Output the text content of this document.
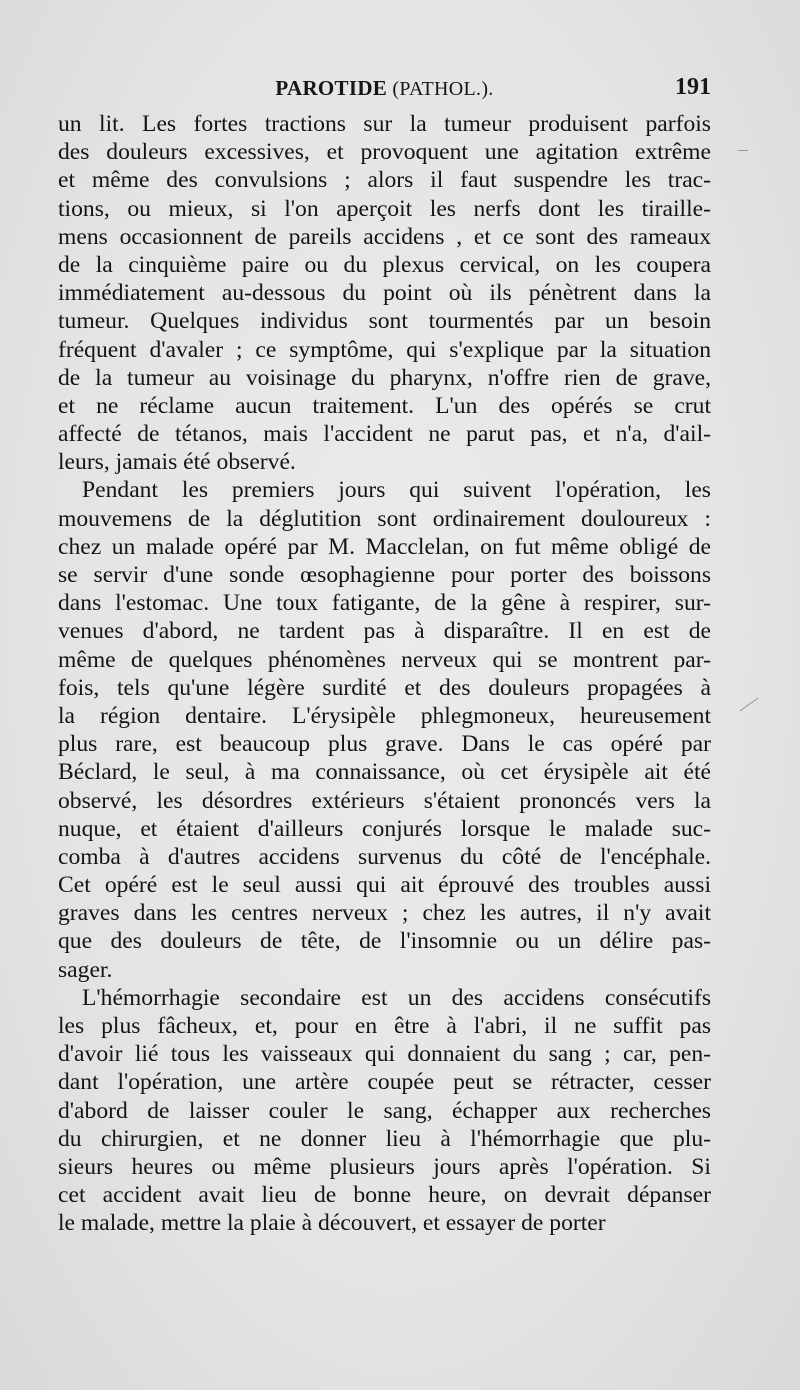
PAROTIDE (PATHOL.).	191
un lit. Les fortes tractions sur la tumeur produisent parfois
des douleurs excessives, et provoquent une agitation extrême
et même des convulsions ; alors il faut suspendre les trac-
tions, ou mieux, si l'on aperçoit les nerfs dont les tiraille-
mens occasionnent de pareils accidens , et ce sont des rameaux
de la cinquième paire ou du plexus cervical, on les coupera
immédiatement au-dessous du point où ils pénètrent dans la
tumeur. Quelques individus sont tourmentés par un besoin
fréquent d'avaler ; ce symptôme, qui s'explique par la situation
de la tumeur au voisinage du pharynx, n'offre rien de grave,
et ne réclame aucun traitement. L'un des opérés se crut
affecté de tétanos, mais l'accident ne parut pas, et n'a, d'ail-
leurs, jamais été observé.
Pendant les premiers jours qui suivent l'opération, les
mouvemens de la déglutition sont ordinairement douloureux :
chez un malade opéré par M. Macclelan, on fut même obligé de
se servir d'une sonde œsophagienne pour porter des boissons
dans l'estomac. Une toux fatigante, de la gêne à respirer, sur-
venues d'abord, ne tardent pas à disparaître. Il en est de
même de quelques phénomènes nerveux qui se montrent par-
fois, tels qu'une légère surdité et des douleurs propagées à
la région dentaire. L'érysipèle phlegmoneux, heureusement
plus rare, est beaucoup plus grave. Dans le cas opéré par
Béclard, le seul, à ma connaissance, où cet érysipèle ait été
observé, les désordres extérieurs s'étaient prononcés vers la
nuque, et étaient d'ailleurs conjurés lorsque le malade suc-
comba à d'autres accidens survenus du côté de l'encéphale.
Cet opéré est le seul aussi qui ait éprouvé des troubles aussi
graves dans les centres nerveux ; chez les autres, il n'y avait
que des douleurs de tête, de l'insomnie ou un délire pas-
sager.
L'hémorrhagie secondaire est un des accidens consécutifs
les plus fâcheux, et, pour en être à l'abri, il ne suffit pas
d'avoir lié tous les vaisseaux qui donnaient du sang ; car, pen-
dant l'opération, une artère coupée peut se rétracter, cesser
d'abord de laisser couler le sang, échapper aux recherches
du chirurgien, et ne donner lieu à l'hémorrhagie que plu-
sieurs heures ou même plusieurs jours après l'opération. Si
cet accident avait lieu de bonne heure, on devrait dépanser
le malade, mettre la plaie à découvert, et essayer de porter
